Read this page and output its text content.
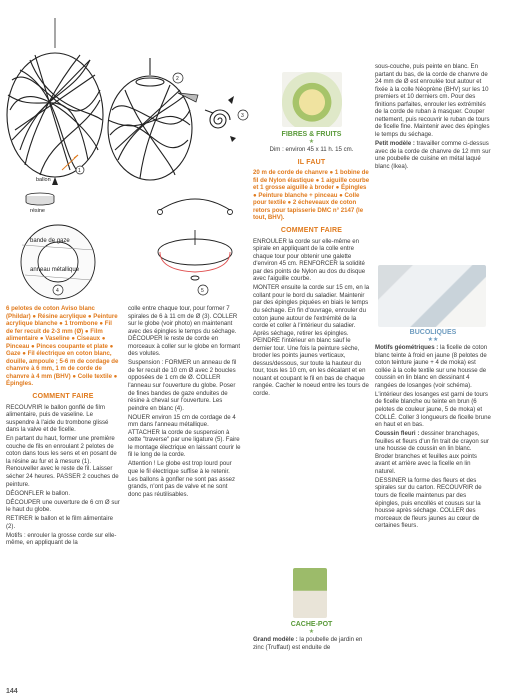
ballon
résine
1
2
3
bande de gaze
anneau métallique
4	5

6 pelotes de coton Aviso blanc (Phildar) ● Résine acrylique ● Peinture acrylique blanche ● 1 trombone ● Fil de fer recuit de 2-3 mm (Ø) ● Film alimentaire ● Vaseline ● Ciseaux ● Pinceau ● Pinces coupante et plate ● Gaze ● Fil électrique en coton blanc, douille, ampoule ; 5-6 m de cordage de chanvre à 6 mm, 1 m de corde de chanvre à 4 mm (BHV) ● Colle textile ● Épingles.

COMMENT FAIRE

RECOUVRIR le ballon gonflé de film alimentaire, puis de vaseline. Le suspendre à l'aide du trombone glissé dans la valve et de ficelle.

En partant du haut, former une première couche de fils en enroulant 2 pelotes de coton dans tous les sens et en posant de la résine au fur et à mesure (1). Renouveller avec le reste de fil. Laisser sécher 24 heures. PASSER 2 couches de peinture.

DÉGONFLER le ballon.

DÉCOUPER une ouverture de 6 cm Ø sur le haut du globe.

RETIRER le ballon et le film alimentaire (2).

Motifs : enrouler la grosse corde sur elle-même, en appliquant de la

colle entre chaque tour, pour former 7 spirales de 6 à 11 cm de Ø (3). COLLER sur le globe (voir photo) en maintenant avec des épingles le temps du séchage. DÉCOUPER le reste de corde en morceaux à coller sur le globe en formant des volutes.

Suspension : FORMER un anneau de fil de fer recuit de 10 cm Ø avec 2 boucles opposées de 1 cm de Ø. COLLER l'anneau sur l'ouverture du globe. Poser de fines bandes de gaze enduites de résine à cheval sur l'ouverture. Les peindre en blanc (4).

NOUER environ 15 cm de cordage de 4 mm dans l'anneau métallique. ATTACHER la corde de suspension à cette "traverse" par une ligature (5). Faire le montage électrique en laissant courir le fil le long de la corde.

Attention ! Le globe est trop lourd pour que le fil électrique suffise à le retenir. Les ballons à gonfler ne sont pas assez grands, n'ont pas de valve et ne sont donc pas réutilisables.

FIBRES & FRUITS
★

Dim : environ 45 x 11 h. 15 cm.

IL FAUT

20 m de corde de chanvre ● 1 bobine de fil de Nylon élastique ● 1 aiguille courbe et 1 grosse aiguille à broder ● Épingles ● Peinture blanche + pinceau ● Colle pour textile ● 2 écheveaux de coton retors pour tapisserie DMC n° 2147 (le tout, BHV).

COMMENT FAIRE

ENROULER la corde sur elle-même en spirale en appliquant de la colle entre chaque tour pour obtenir une galette d'environ 45 cm. RENFORCER la solidité par des points de Nylon au dos du disque avec l'aiguille courbe.

MONTER ensuite la corde sur 15 cm, en la collant pour le bord du saladier. Maintenir par des épingles piquées en biais le temps du séchage. En fin d'ouvrage, enrouler du coton jaune autour de l'extrémité de la corde et coller à l'intérieur du saladier. Après séchage, retirer les épingles. PEINDRE l'intérieur en blanc sauf le dernier tour. Une fois la peinture sèche, broder les points jaunes verticaux, dessus/dessous, sur toute la hauteur du tour, tous les 10 cm, en les décalant et en nouant et coupant le fil en bas de chaque rangée. Cacher le noeud entre les tours de corde.

CACHE-POT
★

Grand modèle : la poubelle de jardin en zinc (Truffaut) est enduite de

sous-couche, puis peinte en blanc. En partant du bas, de la corde de chanvre de 24 mm de Ø est enroulée tout autour et fixée à la colle Néoprène (BHV) sur les 10 premiers et 10 derniers cm. Pour des finitions parfaites, enrouler les extrémités de la corde de ruban à masquer. Couper nettement, puis recouvrir le ruban de tours de ficelle fine. Maintenir avec des épingles le temps du séchage.

Petit modèle : travailler comme ci-dessus avec de la corde de chanvre de 12 mm sur une poubelle de cuisine en métal laqué blanc (Ikea).

BUCOLIQUES
★★

Motifs géométriques : la ficelle de coton blanc teinte à froid en jaune (8 pelotes de coton teinture jaune + 4 de moka) est collée à la colle textile sur une housse de coussin en lin blanc en dessinant 4 rangées de losanges (voir schéma).

L'intérieur des losanges est garni de tours de ficelle blanche ou teinte en brun (6 pelotes de couleur jaune, 5 de moka) et COLLÉ. Coller 3 longueurs de ficelle brune en haut et en bas.

Coussin fleuri : dessiner branchages, feuilles et fleurs d'un fin trait de crayon sur une housse de coussin en lin blanc. Broder branches et feuilles aux points avant et arrière avec la ficelle en lin naturel.

DESSINER la forme des fleurs et des spirales sur du carton. RECOUVRIR de tours de ficelle maintenus par des épingles, puis encollés et cousus sur la housse après séchage. COLLER des morceaux de fleurs jaunes au cœur de certaines fleurs.

144
